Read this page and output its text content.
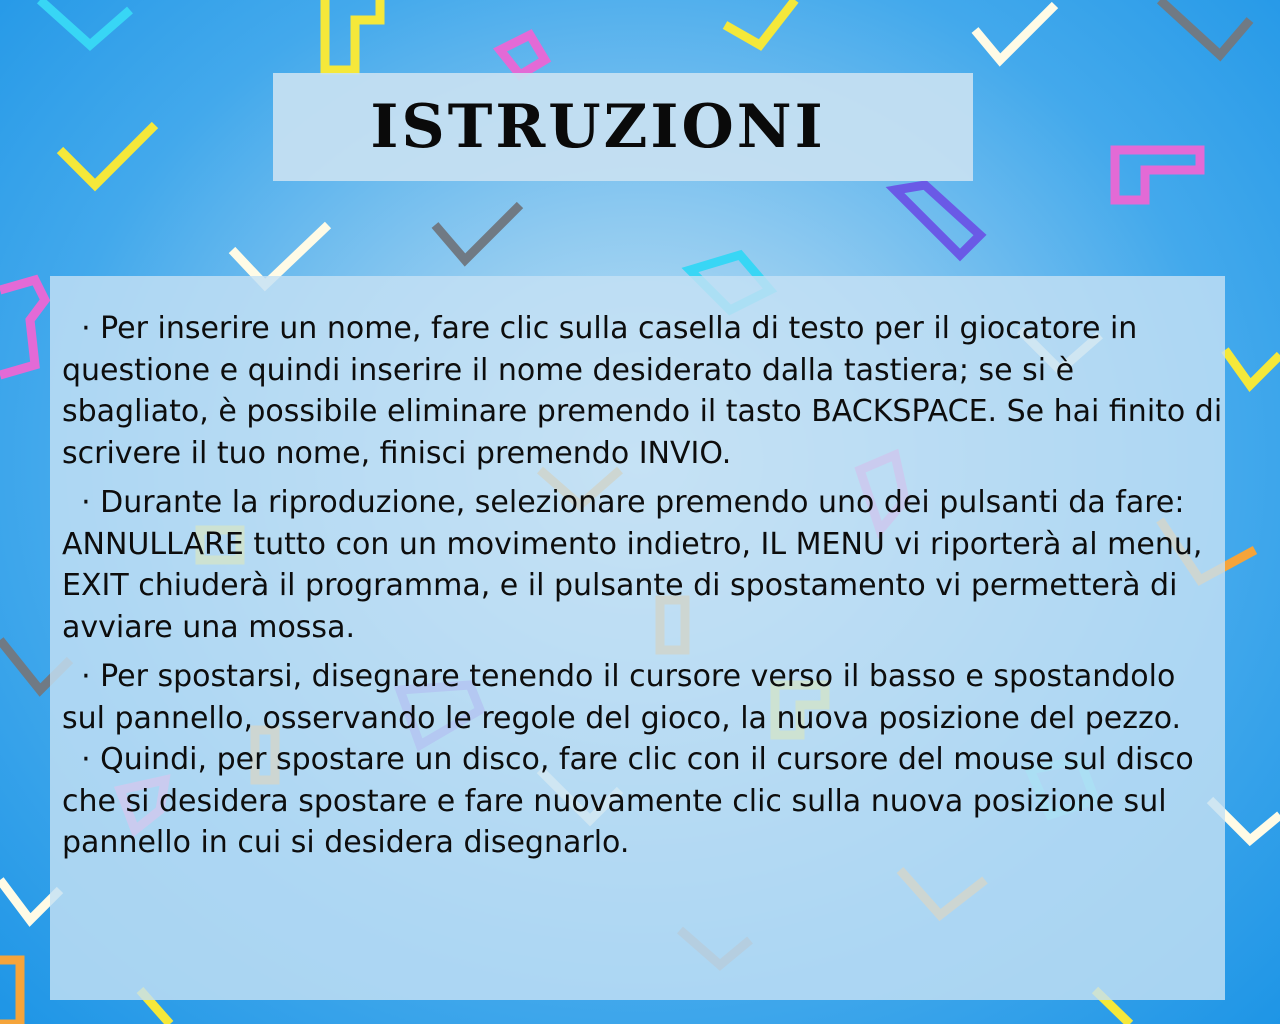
ISTRUZIONI
· Per inserire un nome, fare clic sulla casella di testo per il giocatore in questione e quindi inserire il nome desiderato dalla tastiera; se si è sbagliato, è possibile eliminare premendo il tasto BACKSPACE. Se hai finito di scrivere il tuo nome, finisci premendo INVIO.
· Durante la riproduzione, selezionare premendo uno dei pulsanti da fare: ANNULLARE tutto con un movimento indietro, IL MENU vi riporterà al menu, EXIT chiuderà il programma, e il pulsante di spostamento vi permetterà di avviare una mossa.
· Per spostarsi, disegnare tenendo il cursore verso il basso e spostandolo sul pannello, osservando le regole del gioco, la nuova posizione del pezzo.
· Quindi, per spostare un disco, fare clic con il cursore del mouse sul disco che si desidera spostare e fare nuovamente clic sulla nuova posizione sul pannello in cui si desidera disegnarlo.
